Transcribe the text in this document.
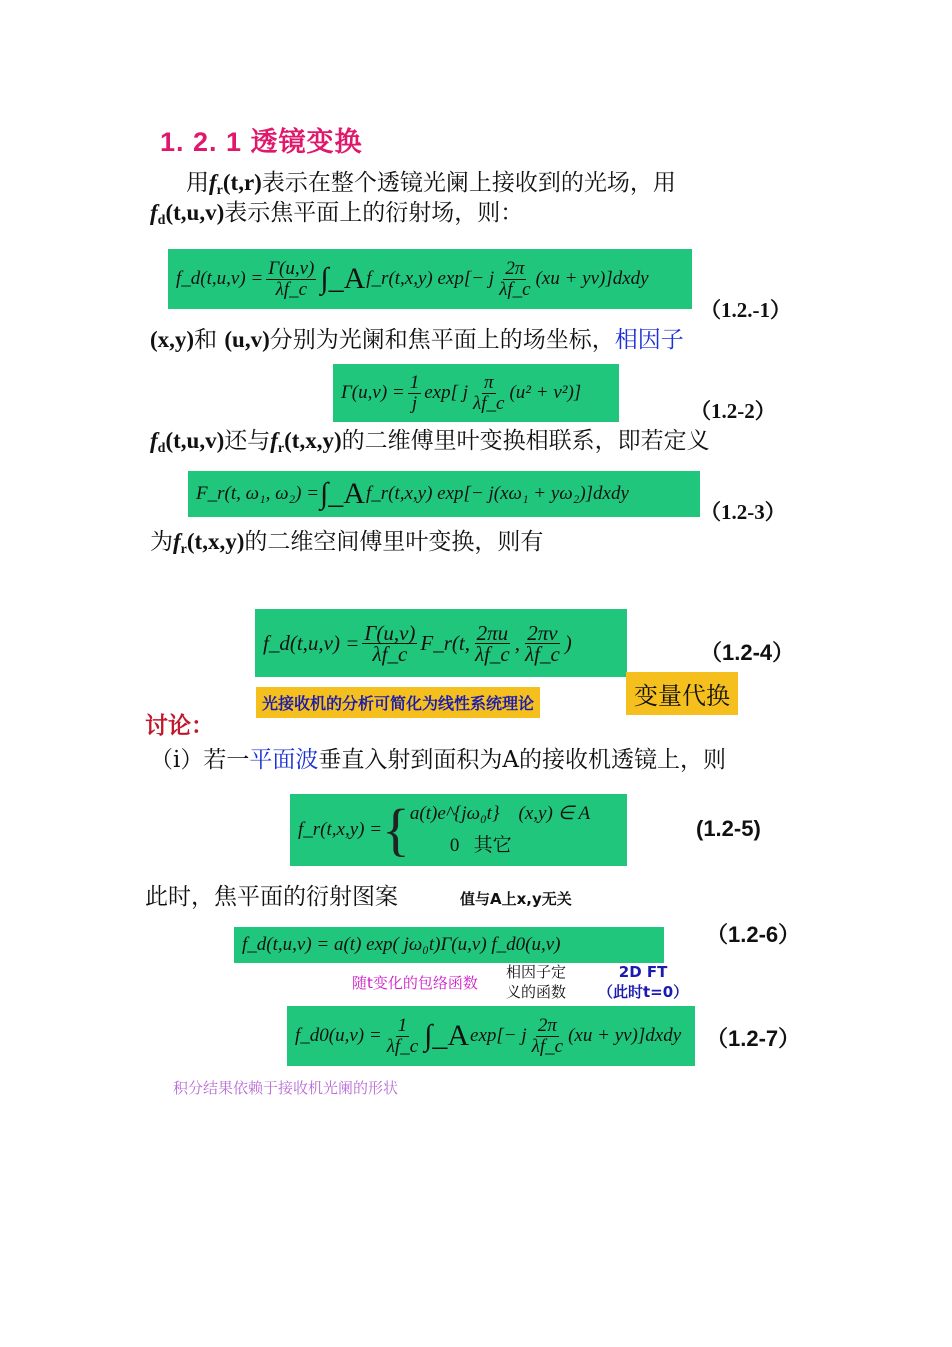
1. 2. 1 透镜变换
用$f_r(t,r)$表示在整个透镜光阑上接收到的光场，用
$f_d(t,u,v)$表示焦平面上的衍射场，则：
f_d(t,u,v) = $\frac{\Gamma(u,v)}{\lambda f\_c}$ ∫_A f_r(t,x,y) exp[− j $\frac{2\pi}{\lambda f\_c} (xu$ + yv)]dxdy
（1.2.-1）
(x,y)和 (u,v)分别为光阑和焦平面上的场坐标，相因子
$\Gamma(u,v) = \frac{1}{j} \exp$[ j $\frac{\pi}{\lambda f\_c} (u^2 + v^2)$]
（1.2-2）
$f_d(t,u,v)$还与$f_r(t,x,y)$的二维傅里叶变换相联系，即若定义
F_r(t, ω₁, ω₂) = ∫_A f_r(t,x,y) exp[− j(xω₁ + yω₂)]dxdy
（1.2-3）
为$f_r(t,x,y)$的二维空间傅里叶变换，则有
f_d(t,u,v) = $\frac{\Gamma(u,v)}{\lambda f\_c}$ F_r(t, $\frac{2\pi u}{\lambda f\_c}$ , $\frac{2\pi v}{\lambda f\_c}$ )	（1.2-4）
光接收机的分析可简化为线性系统理论	变量代换
讨论：
（i）若一平面波垂直入射到面积为A的接收机透镜上，则
f_r(t,x,y) = { a(t)e^{jω₀t} (x,y) ∈ A
0 其它
(1.2-5)
此时，焦平面的衍射图案	值与A上x,y无关
f_d(t,u,v) = a(t) exp( jω₀t)Γ(u,v) f_d0(u,v)	（1.2-6）
随t变化的包络函数
相因子定
义的函数
2D FT
（此时t=0）
f_d0(u,v) = $\frac{1}{\lambda f\_c}$ ∫_A exp[− j $\frac{2\pi}{\lambda f\_c} (xu$ + yv)]dxdy （1.2-7）
积分结果依赖于接收机光阑的形状
